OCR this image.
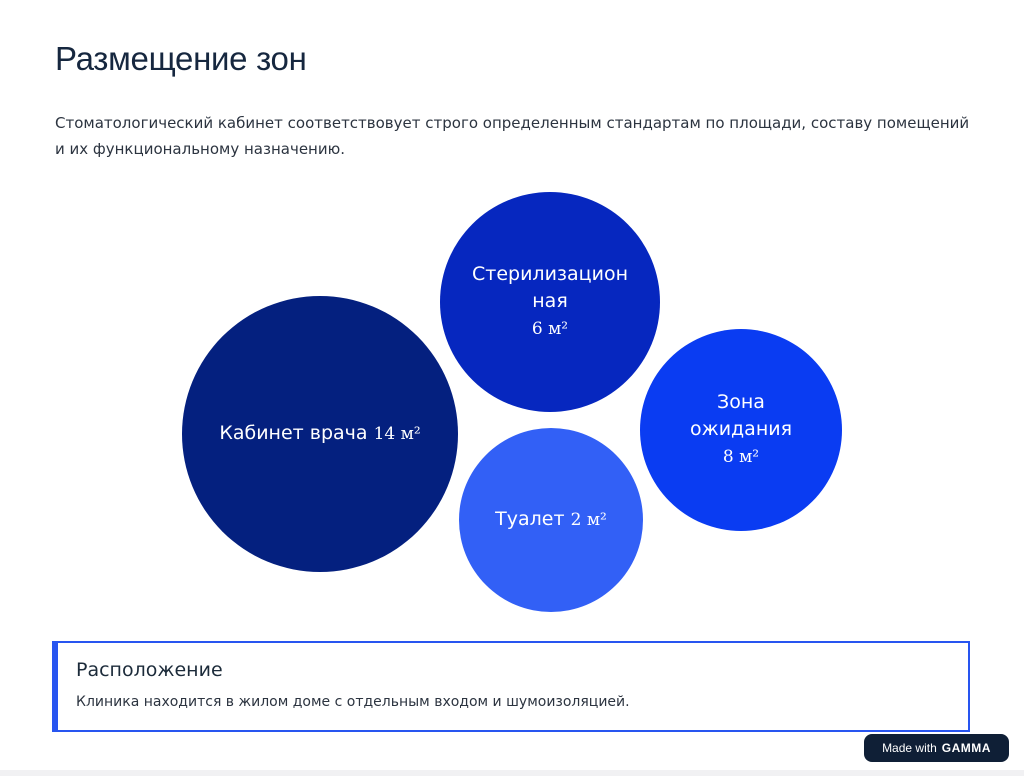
Размещение зон

Стоматологический кабинет соответствовует строго определенным стандартам по площади, составу помещений и их функциональному назначению.

Кабинет врача 14 м²
Стерилизацион
ная
6 м²
Туалет 2 м²
Зона
ожидания
8 м²
Расположение

Клиника находится в жилом доме с отдельным входом и шумоизоляцией.

Made with GAMMA
